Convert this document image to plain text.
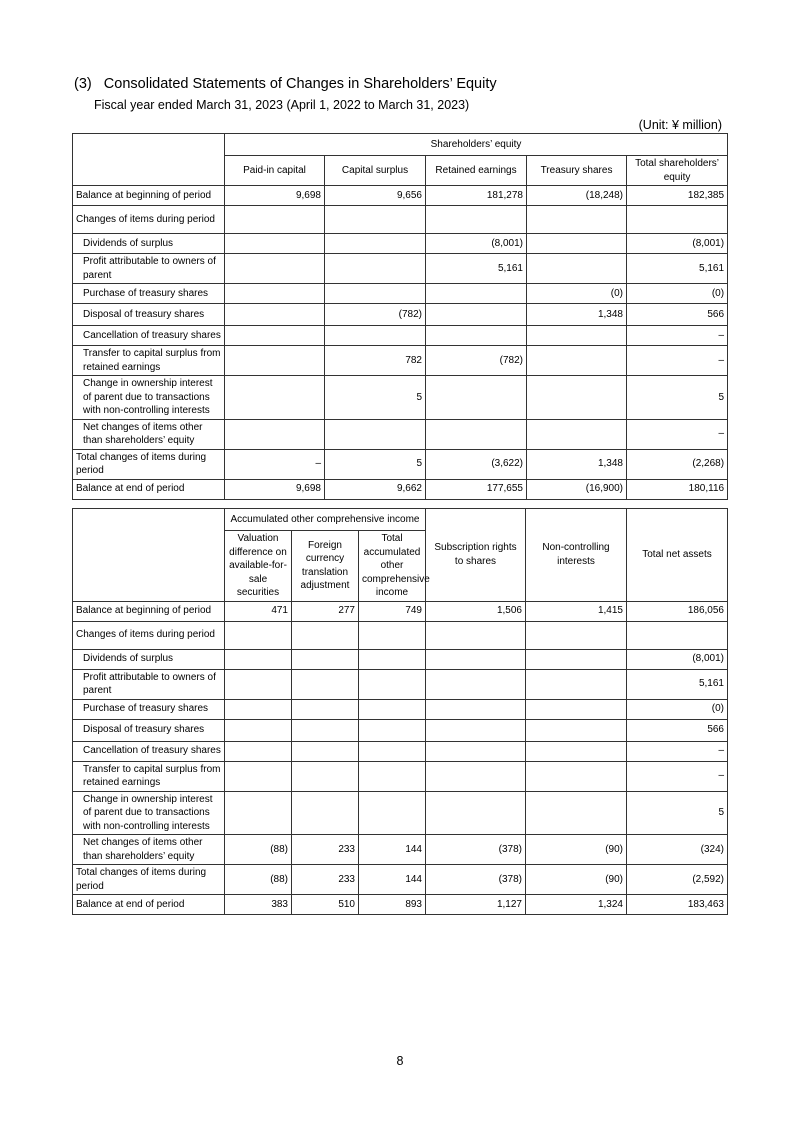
(3)   Consolidated Statements of Changes in Shareholders’ Equity
Fiscal year ended March 31, 2023 (April 1, 2022 to March 31, 2023)
(Unit: ¥ million)
	Shareholders’ equity				
	Paid-in capital	Capital surplus	Retained earnings	Treasury shares	Total shareholders’ equity
Balance at beginning of period	9,698	9,656	181,278	(18,248)	182,385
Changes of items during period					
Dividends of surplus			(8,001)		(8,001)
Profit attributable to owners of parent			5,161		5,161
Purchase of treasury shares				(0)	(0)
Disposal of treasury shares		(782)		1,348	566
Cancellation of treasury shares					–
Transfer to capital surplus from retained earnings		782	(782)		–
Change in ownership interest of parent due to transactions with non-controlling interests		5			5
Net changes of items other than shareholders’ equity					–
Total changes of items during period	–	5	(3,622)	1,348	(2,268)
Balance at end of period	9,698	9,662	177,655	(16,900)	180,116
	Accumulated other comprehensive income			Subscription rights to shares	Non-controlling interests	Total net assets
	Valuation difference on available-for-sale securities	Foreign currency translation adjustment	Total accumulated other comprehensive income			
Balance at beginning of period	471	277	749	1,506	1,415	186,056
Changes of items during period						
Dividends of surplus						(8,001)
Profit attributable to owners of parent						5,161
Purchase of treasury shares						(0)
Disposal of treasury shares						566
Cancellation of treasury shares						–
Transfer to capital surplus from retained earnings						–
Change in ownership interest of parent due to transactions with non-controlling interests						5
Net changes of items other than shareholders’ equity	(88)	233	144	(378)	(90)	(324)
Total changes of items during period	(88)	233	144	(378)	(90)	(2,592)
Balance at end of period	383	510	893	1,127	1,324	183,463
8
